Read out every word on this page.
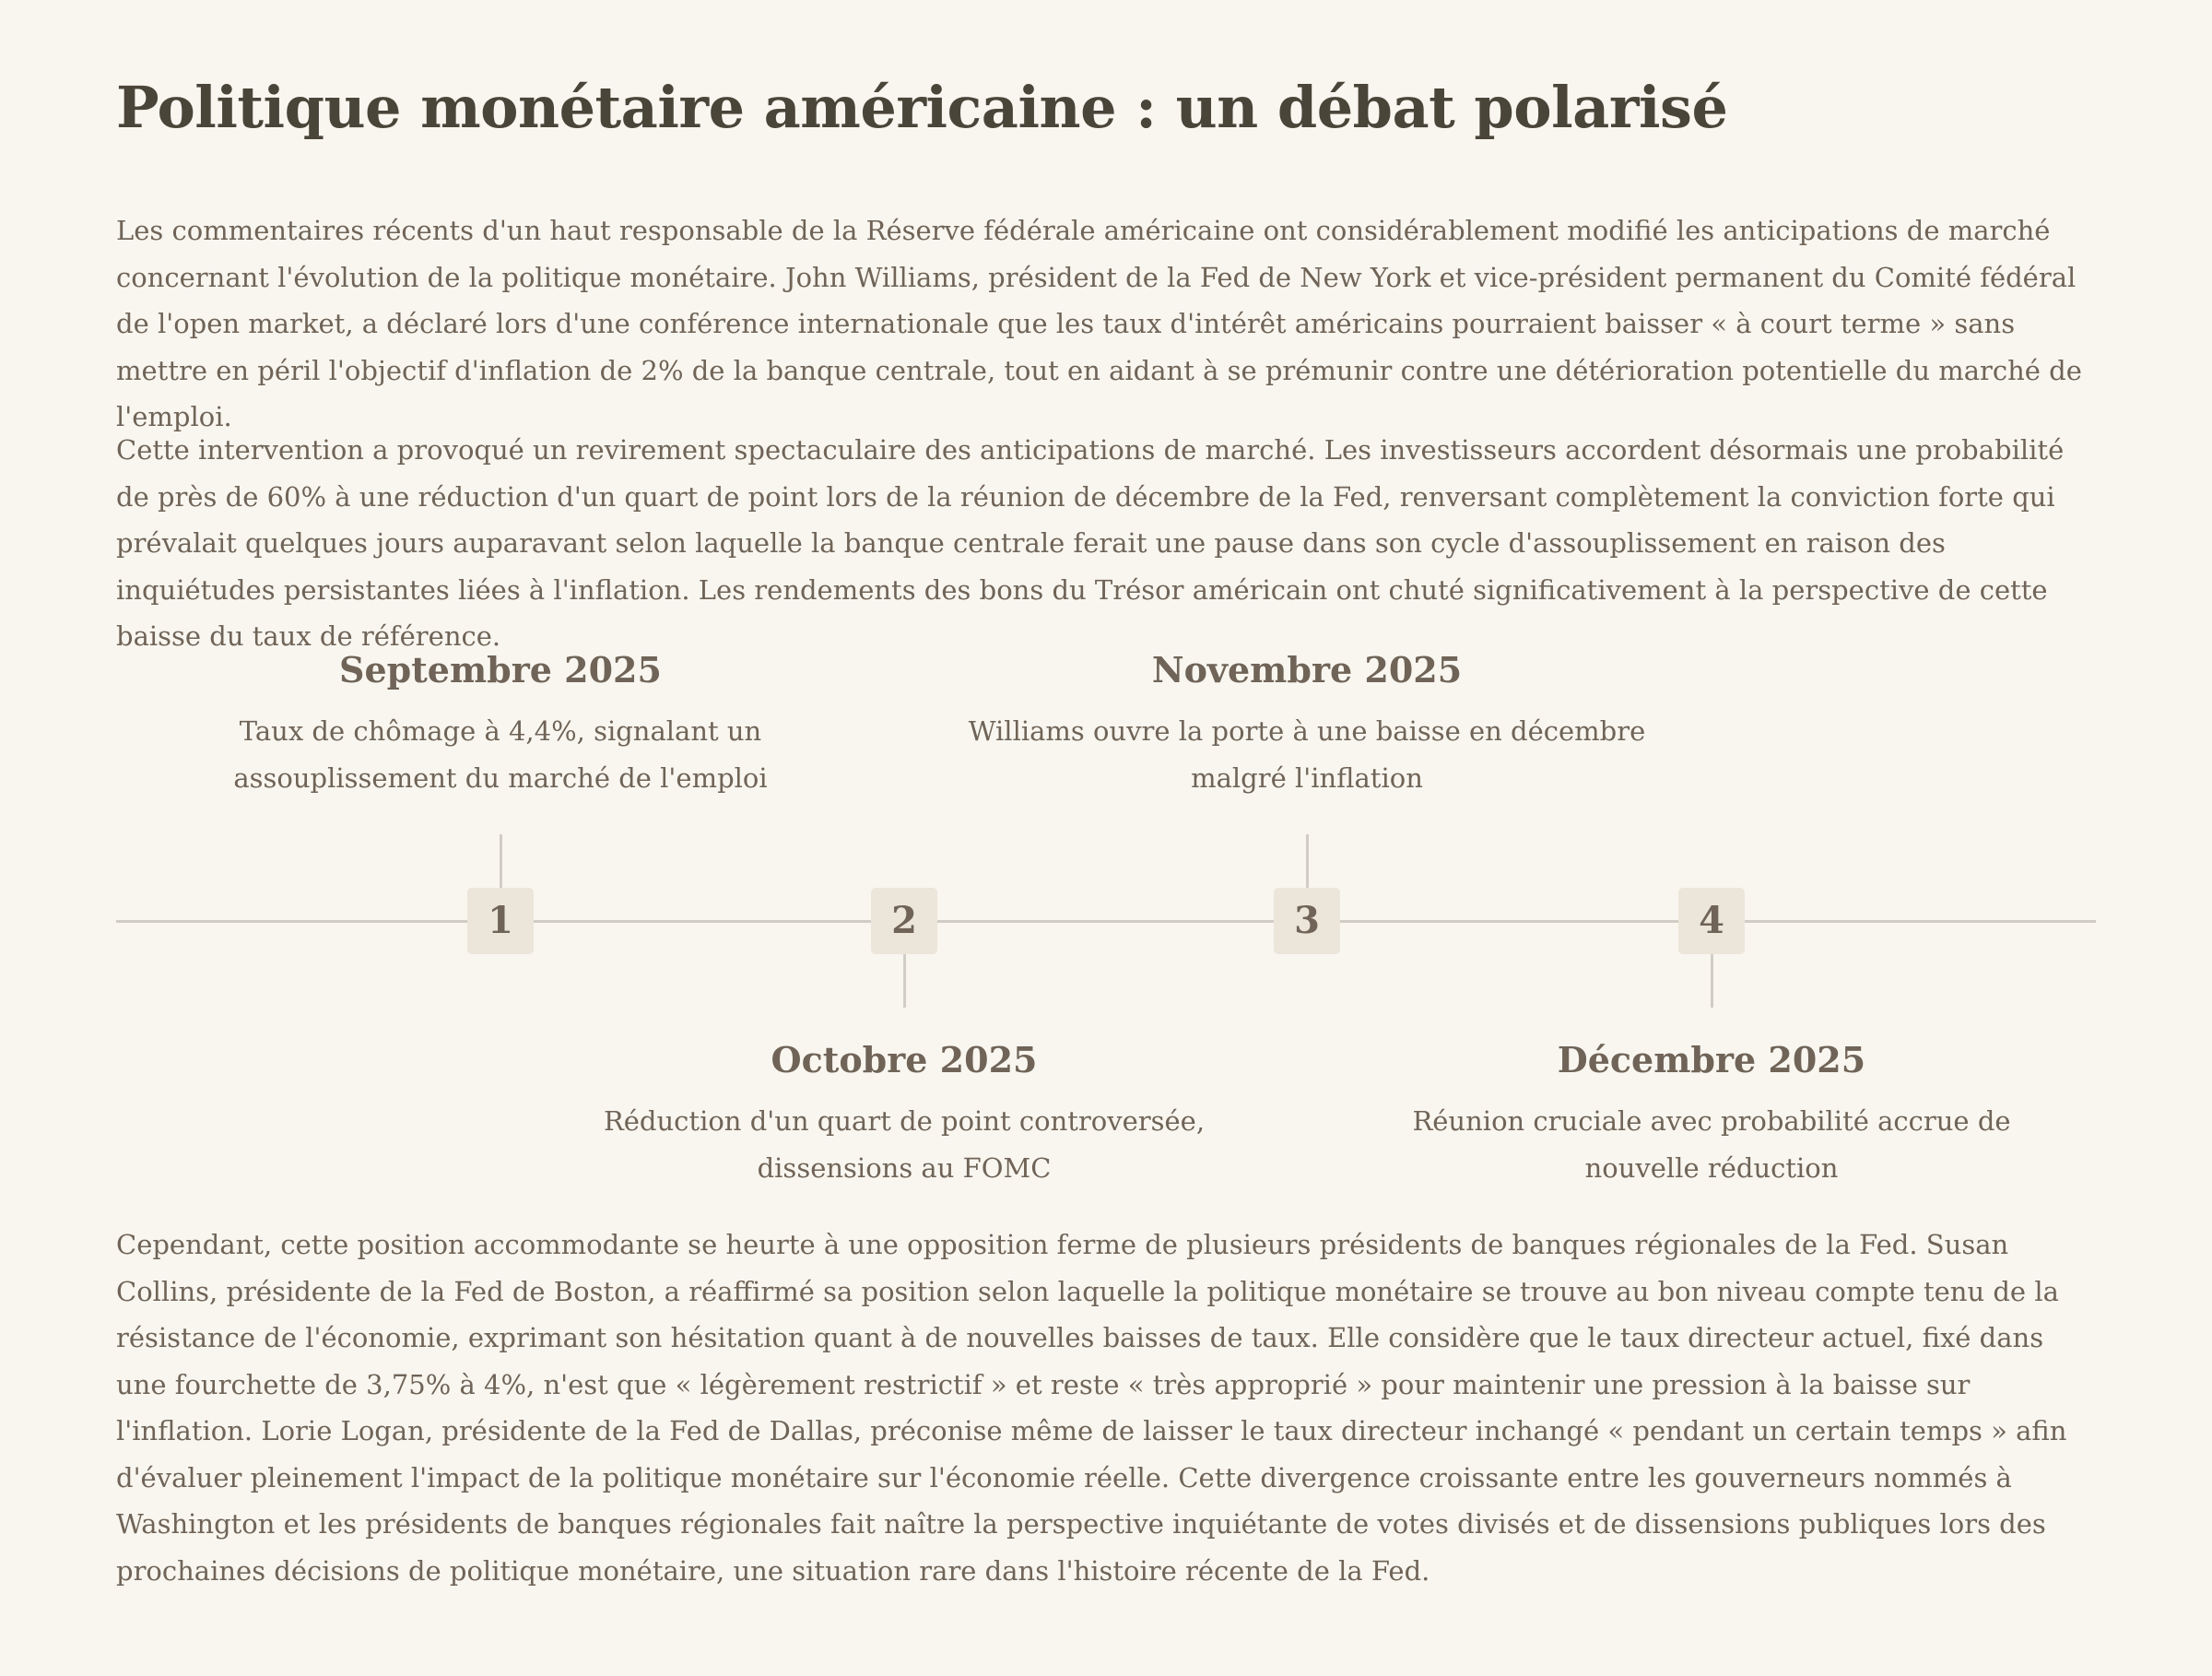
Politique monétaire américaine : un débat polarisé

Les commentaires récents d'un haut responsable de la Réserve fédérale américaine ont considérablement modifié les anticipations de marché concernant l'évolution de la politique monétaire. John Williams, président de la Fed de New York et vice-président permanent du Comité fédéral de l'open market, a déclaré lors d'une conférence internationale que les taux d'intérêt américains pourraient baisser « à court terme » sans mettre en péril l'objectif d'inflation de 2% de la banque centrale, tout en aidant à se prémunir contre une détérioration potentielle du marché de l'emploi.

Cette intervention a provoqué un revirement spectaculaire des anticipations de marché. Les investisseurs accordent désormais une probabilité de près de 60% à une réduction d'un quart de point lors de la réunion de décembre de la Fed, renversant complètement la conviction forte qui prévalait quelques jours auparavant selon laquelle la banque centrale ferait une pause dans son cycle d'assouplissement en raison des inquiétudes persistantes liées à l'inflation. Les rendements des bons du Trésor américain ont chuté significativement à la perspective de cette baisse du taux de référence.

1

Septembre 2025

Taux de chômage à 4,4%, signalant un assouplissement du marché de l'emploi

2

Octobre 2025

Réduction d'un quart de point controversée, dissensions au FOMC

3

Novembre 2025

Williams ouvre la porte à une baisse en décembre malgré l'inflation

4

Décembre 2025

Réunion cruciale avec probabilité accrue de nouvelle réduction

Cependant, cette position accommodante se heurte à une opposition ferme de plusieurs présidents de banques régionales de la Fed. Susan Collins, présidente de la Fed de Boston, a réaffirmé sa position selon laquelle la politique monétaire se trouve au bon niveau compte tenu de la résistance de l'économie, exprimant son hésitation quant à de nouvelles baisses de taux. Elle considère que le taux directeur actuel, fixé dans une fourchette de 3,75% à 4%, n'est que « légèrement restrictif » et reste « très approprié » pour maintenir une pression à la baisse sur l'inflation. Lorie Logan, présidente de la Fed de Dallas, préconise même de laisser le taux directeur inchangé « pendant un certain temps » afin d'évaluer pleinement l'impact de la politique monétaire sur l'économie réelle. Cette divergence croissante entre les gouverneurs nommés à Washington et les présidents de banques régionales fait naître la perspective inquiétante de votes divisés et de dissensions publiques lors des prochaines décisions de politique monétaire, une situation rare dans l'histoire récente de la Fed.
